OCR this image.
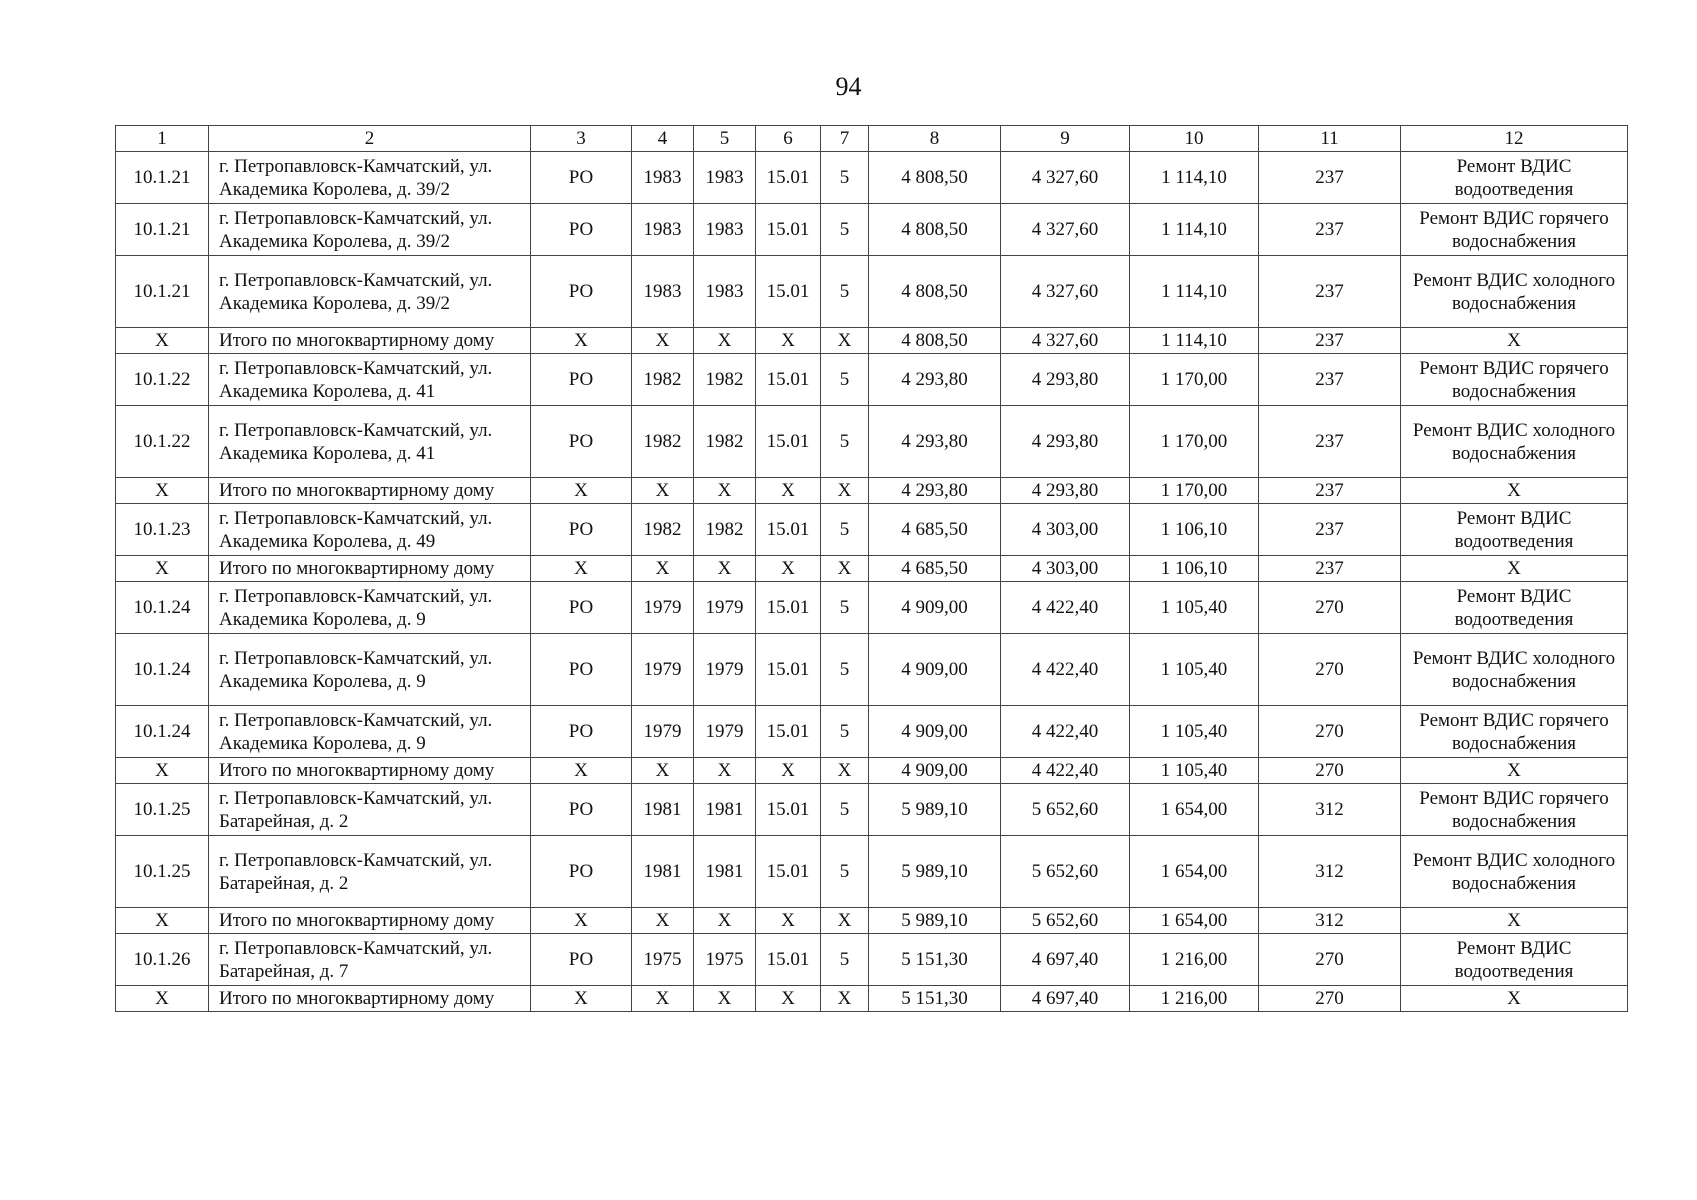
94
1	2	3	4	5	6	7	8	9	10	11	12
10.1.21	г. Петропавловск-Камчатский, ул. Академика Королева, д. 39/2	РО	1983	1983	15.01	5	4 808,50	4 327,60	1 114,10	237	Ремонт ВДИС водоотведения
10.1.21	г. Петропавловск-Камчатский, ул. Академика Королева, д. 39/2	РО	1983	1983	15.01	5	4 808,50	4 327,60	1 114,10	237	Ремонт ВДИС горячего водоснабжения
10.1.21	г. Петропавловск-Камчатский, ул. Академика Королева, д. 39/2	РО	1983	1983	15.01	5	4 808,50	4 327,60	1 114,10	237	Ремонт ВДИС холодного водоснабжения
X	Итого по многоквартирному дому	X	X	X	X	X	4 808,50	4 327,60	1 114,10	237	X
10.1.22	г. Петропавловск-Камчатский, ул. Академика Королева, д. 41	РО	1982	1982	15.01	5	4 293,80	4 293,80	1 170,00	237	Ремонт ВДИС горячего водоснабжения
10.1.22	г. Петропавловск-Камчатский, ул. Академика Королева, д. 41	РО	1982	1982	15.01	5	4 293,80	4 293,80	1 170,00	237	Ремонт ВДИС холодного водоснабжения
X	Итого по многоквартирному дому	X	X	X	X	X	4 293,80	4 293,80	1 170,00	237	X
10.1.23	г. Петропавловск-Камчатский, ул. Академика Королева, д. 49	РО	1982	1982	15.01	5	4 685,50	4 303,00	1 106,10	237	Ремонт ВДИС водоотведения
X	Итого по многоквартирному дому	X	X	X	X	X	4 685,50	4 303,00	1 106,10	237	X
10.1.24	г. Петропавловск-Камчатский, ул. Академика Королева, д. 9	РО	1979	1979	15.01	5	4 909,00	4 422,40	1 105,40	270	Ремонт ВДИС водоотведения
10.1.24	г. Петропавловск-Камчатский, ул. Академика Королева, д. 9	РО	1979	1979	15.01	5	4 909,00	4 422,40	1 105,40	270	Ремонт ВДИС холодного водоснабжения
10.1.24	г. Петропавловск-Камчатский, ул. Академика Королева, д. 9	РО	1979	1979	15.01	5	4 909,00	4 422,40	1 105,40	270	Ремонт ВДИС горячего водоснабжения
X	Итого по многоквартирному дому	X	X	X	X	X	4 909,00	4 422,40	1 105,40	270	X
10.1.25	г. Петропавловск-Камчатский, ул. Батарейная, д. 2	РО	1981	1981	15.01	5	5 989,10	5 652,60	1 654,00	312	Ремонт ВДИС горячего водоснабжения
10.1.25	г. Петропавловск-Камчатский, ул. Батарейная, д. 2	РО	1981	1981	15.01	5	5 989,10	5 652,60	1 654,00	312	Ремонт ВДИС холодного водоснабжения
X	Итого по многоквартирному дому	X	X	X	X	X	5 989,10	5 652,60	1 654,00	312	X
10.1.26	г. Петропавловск-Камчатский, ул. Батарейная, д. 7	РО	1975	1975	15.01	5	5 151,30	4 697,40	1 216,00	270	Ремонт ВДИС водоотведения
X	Итого по многоквартирному дому	X	X	X	X	X	5 151,30	4 697,40	1 216,00	270	X
